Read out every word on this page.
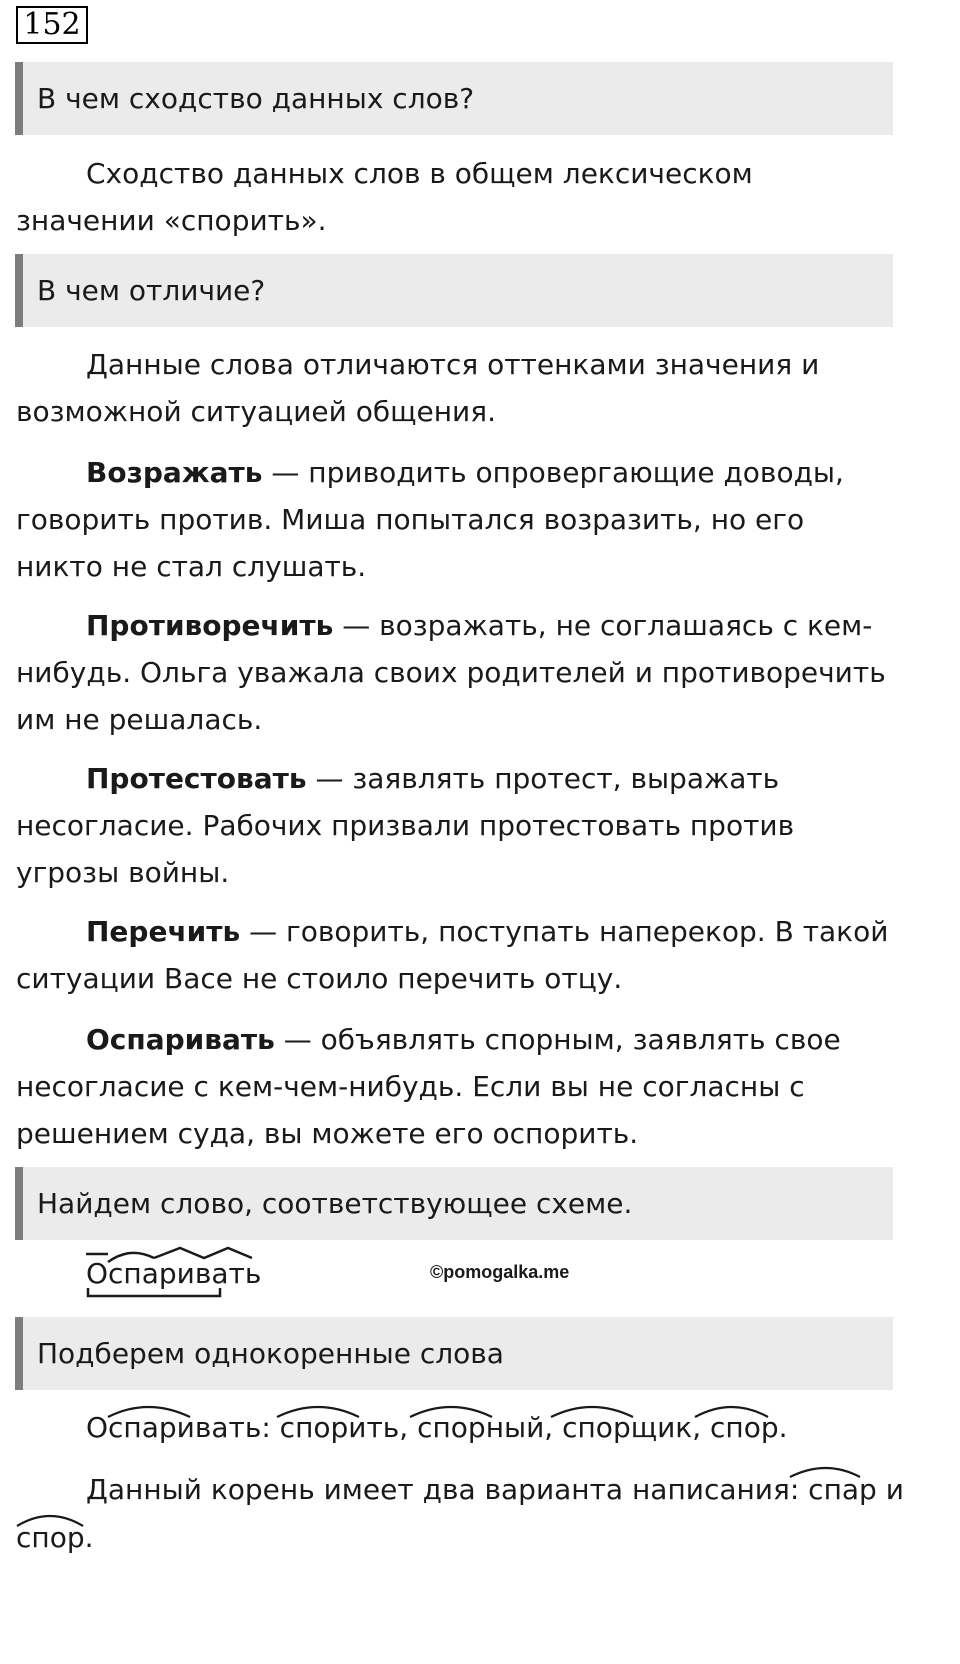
152
В чем сходство данных слов?

Сходство данных слов в общем лексическом значении «спорить».

В чем отличие?

Данные слова отличаются оттенками значения и возможной ситуацией общения.

Возражать — приводить опровергающие доводы, говорить против. Миша попытался возразить, но его никто не стал слушать.

Противоречить — возражать, не соглашаясь с кем-нибудь. Ольга уважала своих родителей и противоречить им не решалась.

Протестовать — заявлять протест, выражать несогласие. Рабочих призвали протестовать против угрозы войны.

Перечить — говорить, поступать наперекор. В такой ситуации Васе не стоило перечить отцу.

Оспаривать — объявлять спорным, заявлять свое несогласие с кем-чем-нибудь. Если вы не согласны с решением суда, вы можете его оспорить.

Найдем слово, соответствующее схеме.
Оспаривать	©pomogalka.me
Подберем однокоренные слова

Оспаривать: спорить, спорный, спорщик, спор.

Данный корень имеет два варианта написания: спар и

спор.
